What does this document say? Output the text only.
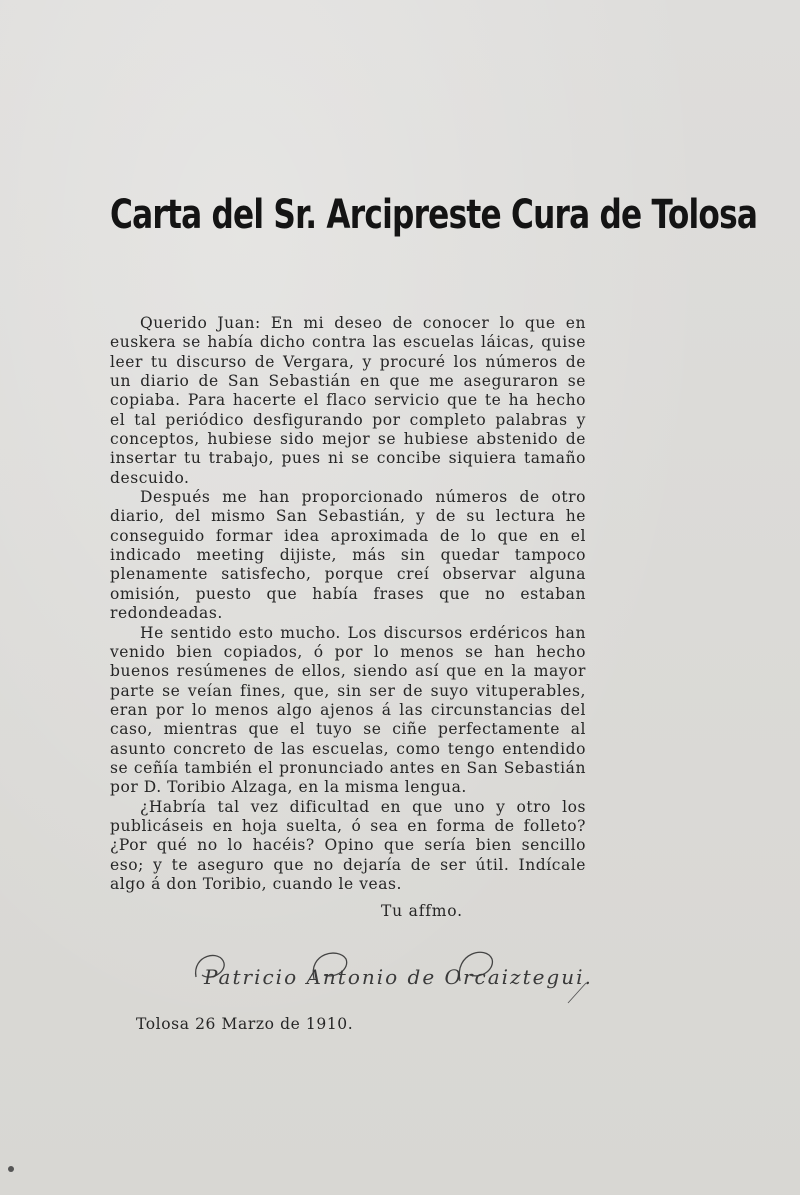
Carta del Sr. Arcipreste Cura de Tolosa

Querido Juan: En mi deseo de conocer lo que en euskera se había dicho contra las escuelas láicas, quise leer tu discurso de Vergara, y procuré los números de un diario de San Sebastián en que me aseguraron se copiaba. Para hacerte el flaco servicio que te ha hecho el tal periódico desfigurando por completo palabras y conceptos, hubiese sido mejor se hubiese abstenido de insertar tu trabajo, pues ni se concibe siquiera tamaño descuido.

Después me han proporcionado números de otro diario, del mismo San Sebastián, y de su lectura he conseguido formar idea aproximada de lo que en el indicado meeting dijiste, más sin quedar tampoco plenamente satisfecho, porque creí observar alguna omisión, puesto que había frases que no estaban redondeadas.

He sentido esto mucho. Los discursos erdéricos han venido bien copiados, ó por lo menos se han hecho buenos resúmenes de ellos, siendo así que en la mayor parte se veían fines, que, sin ser de suyo vituperables, eran por lo menos algo ajenos á las circunstancias del caso, mientras que el tuyo se ciñe perfectamente al asunto concreto de las escuelas, como tengo entendido se ceñía también el pronunciado antes en San Sebastián por D. Toribio Alzaga, en la misma lengua.

¿Habría tal vez dificultad en que uno y otro los publicáseis en hoja suelta, ó sea en forma de folleto? ¿Por qué no lo hacéis? Opino que sería bien sencillo eso; y te aseguro que no dejaría de ser útil. Indícale algo á don Toribio, cuando le veas.

Tu affmo.
Patricio Antonio de Orcaiztegui.
Tolosa 26 Marzo de 1910.
